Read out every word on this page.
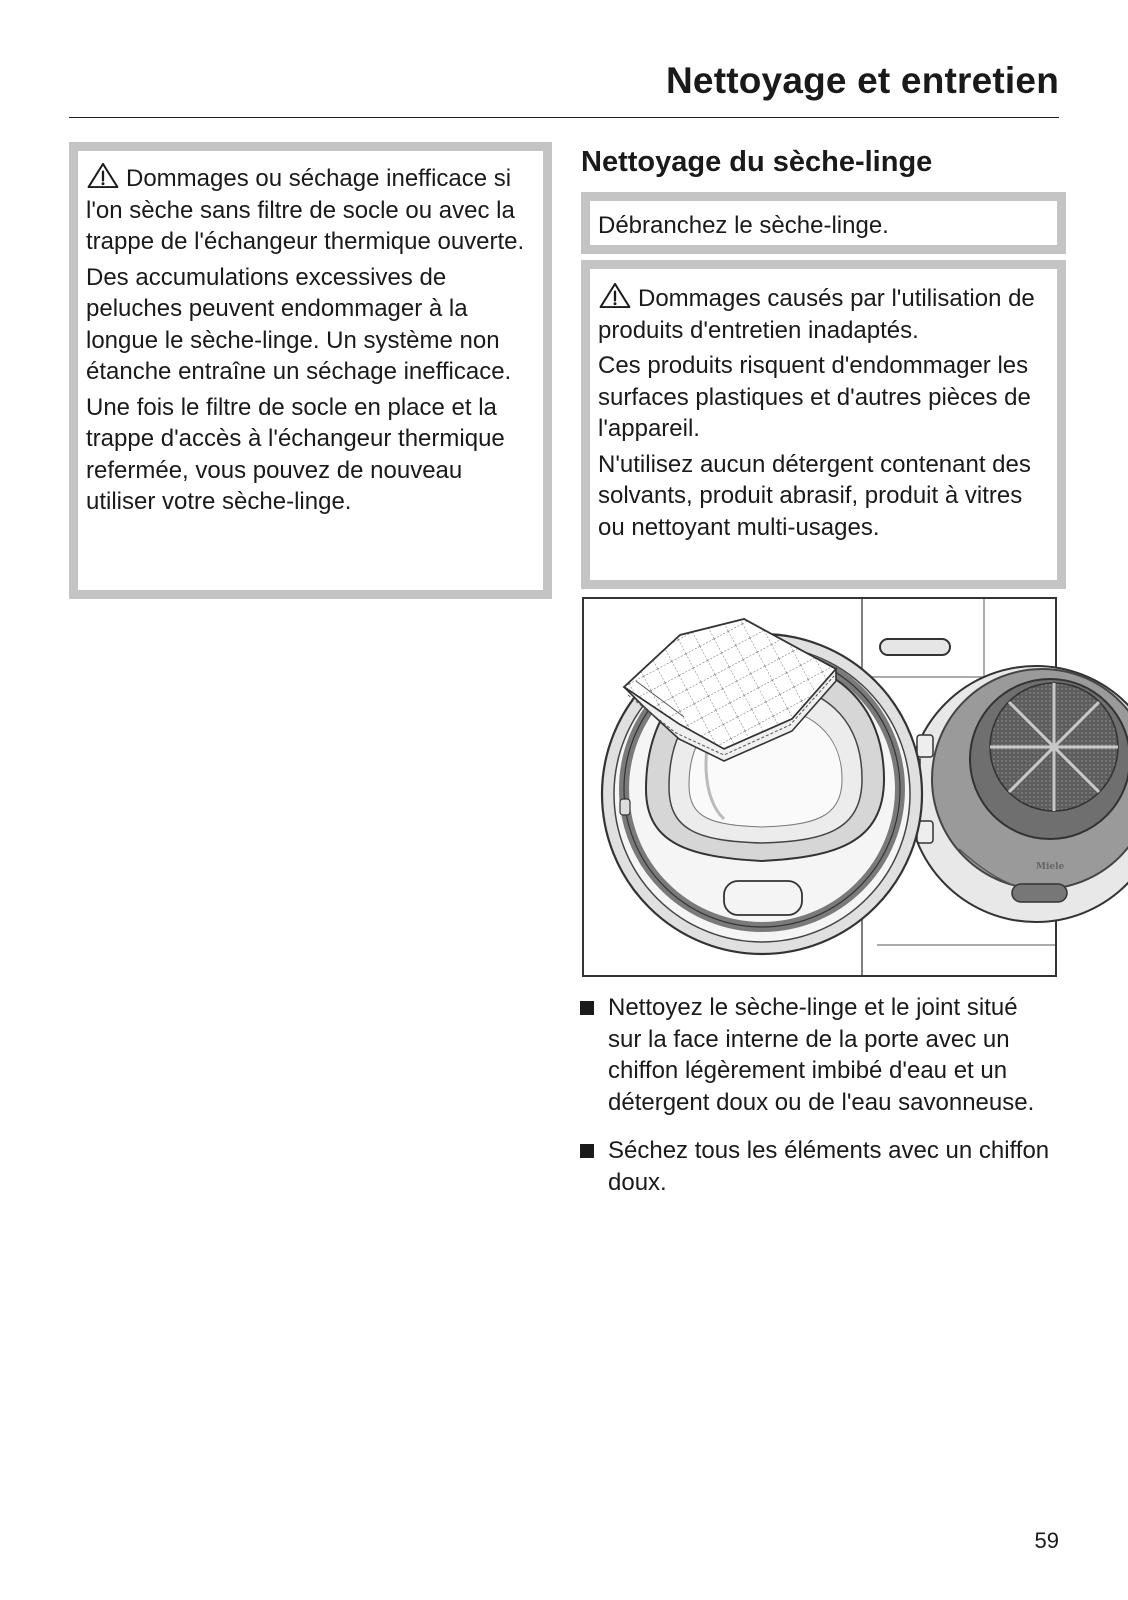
Nettoyage et entretien

Dommages ou séchage inefficace si l'on sèche sans filtre de socle ou avec la trappe de l'échangeur thermique ouverte.

Des accumulations excessives de peluches peuvent endommager à la longue le sèche-linge. Un système non étanche entraîne un séchage inefficace.

Une fois le filtre de socle en place et la trappe d'accès à l'échangeur thermique refermée, vous pouvez de nouveau utiliser votre sèche-linge.

Nettoyage du sèche-linge

Débranchez le sèche-linge.

Dommages causés par l'utilisation de produits d'entretien inadaptés.

Ces produits risquent d'endommager les surfaces plastiques et d'autres pièces de l'appareil.

N'utilisez aucun détergent contenant des solvants, produit abrasif, produit à vitres ou nettoyant multi-usages.

Miele
Nettoyez le sèche-linge et le joint situé sur la face interne de la porte avec un chiffon légèrement imbibé d'eau et un détergent doux ou de l'eau savonneuse.
Séchez tous les éléments avec un chiffon doux.
59
